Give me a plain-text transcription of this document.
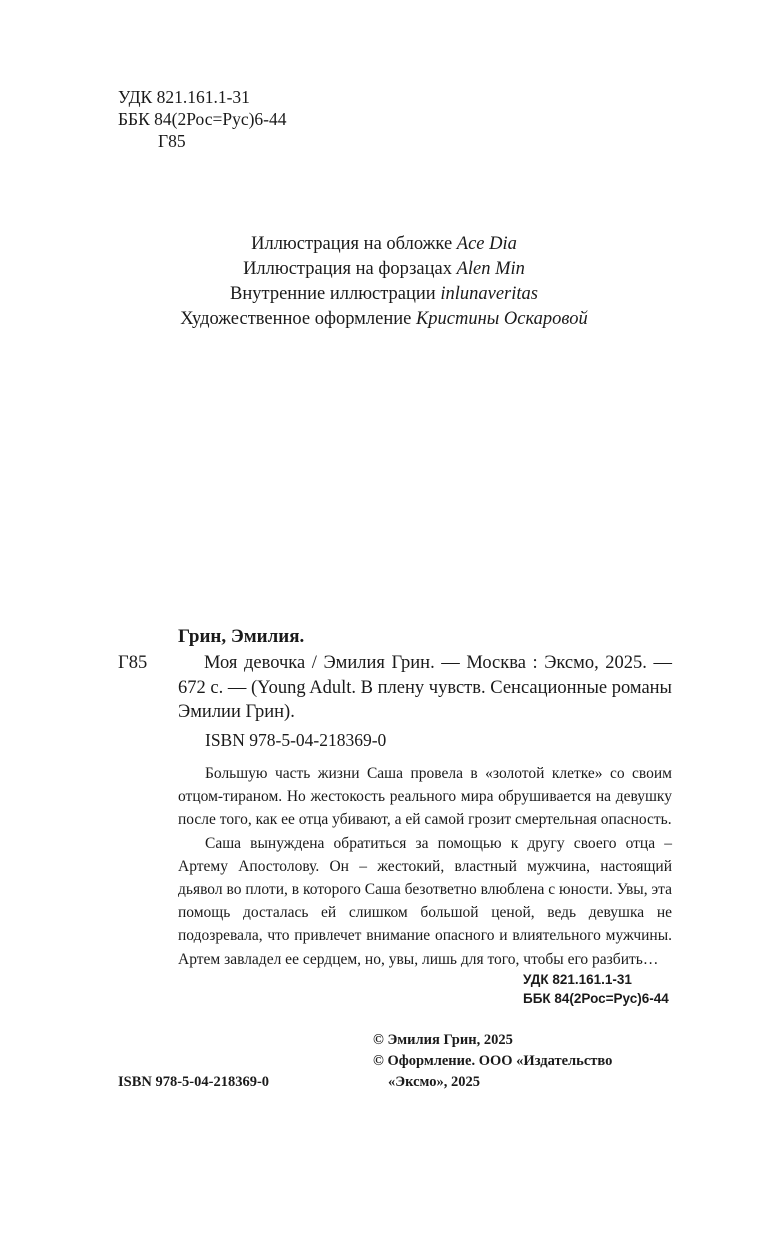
УДК 821.161.1-31
ББК 84(2Рос=Рус)6-44
Г85
Иллюстрация на обложке Ace Dia
Иллюстрация на форзацах Alen Min
Внутренние иллюстрации inlunaveritas
Художественное оформление Кристины Оскаровой
Грин, Эмилия.
Г85	Моя девочка / Эмилия Грин. — Москва : Эксмо, 2025. — 672 с. — (Young Adult. В плену чувств. Сенсационные романы Эмилии Грин).
ISBN 978-5-04-218369-0

Большую часть жизни Саша провела в «золотой клетке» со своим отцом-тираном. Но жестокость реального мира обрушивается на девушку после того, как ее отца убивают, а ей самой грозит смертельная опасность.

Саша вынуждена обратиться за помощью к другу своего отца – Артему Апостолову. Он – жестокий, властный мужчина, настоящий дьявол во плоти, в которого Саша безответно влюблена с юности. Увы, эта помощь досталась ей слишком большой ценой, ведь девушка не подозревала, что привлечет внимание опасного и влиятельного мужчины. Артем завладел ее сердцем, но, увы, лишь для того, чтобы его разбить…

УДК 821.161.1-31
ББК 84(2Рос=Рус)6-44
© Эмилия Грин, 2025
© Оформление. ООО «Издательство
«Эксмо», 2025
ISBN 978-5-04-218369-0
